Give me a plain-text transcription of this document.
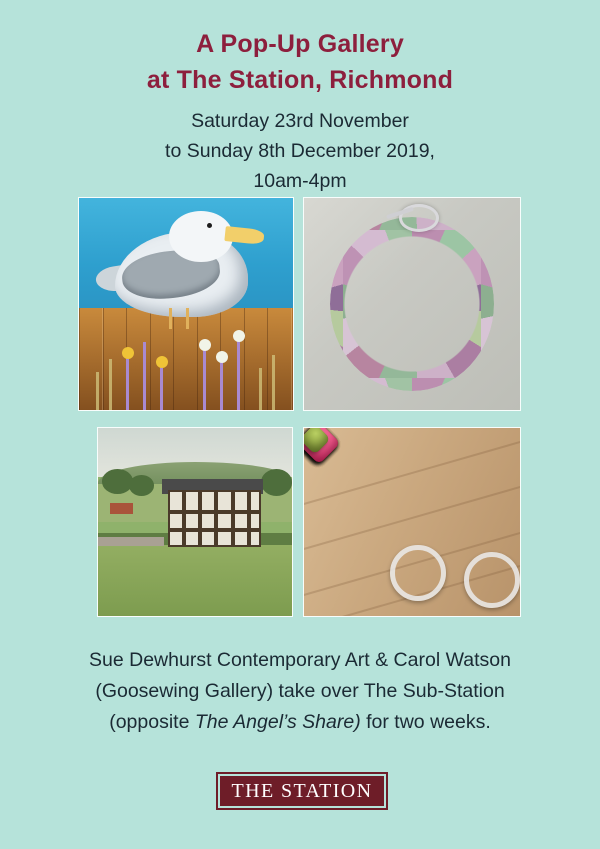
A Pop-Up Gallery
at The Station, Richmond
Saturday 23rd November
to Sunday 8th December 2019,
10am-4pm
Sue Dewhurst Contemporary Art & Carol Watson
(Goosewing Gallery) take over The Sub-Station
(opposite The Angel’s Share) for two weeks.
THE STATION
